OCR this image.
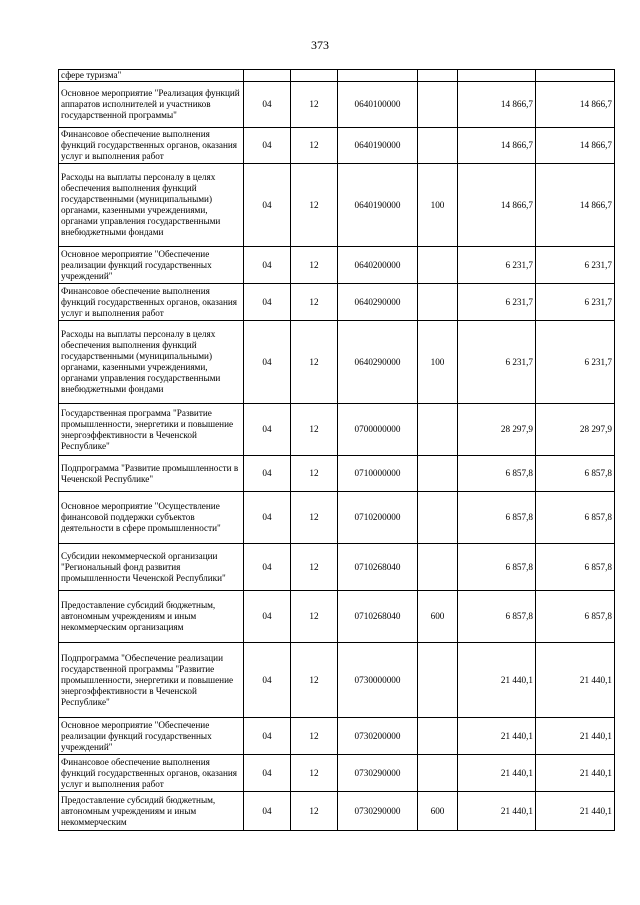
373
сфере туризма"						
Основное мероприятие "Реализация функций аппаратов исполнителей и участников государственной программы"	04	12	0640100000		14 866,7	14 866,7
Финансовое обеспечение выполнения функций государственных органов, оказания услуг и выполнения работ	04	12	0640190000		14 866,7	14 866,7
Расходы на выплаты персоналу в целях обеспечения выполнения функций государственными (муниципальными) органами, казенными учреждениями, органами управления государственными внебюджетными фондами	04	12	0640190000	100	14 866,7	14 866,7
Основное мероприятие "Обеспечение реализации функций государственных учреждений"	04	12	0640200000		6 231,7	6 231,7
Финансовое обеспечение выполнения функций государственных органов, оказания услуг и выполнения работ	04	12	0640290000		6 231,7	6 231,7
Расходы на выплаты персоналу в целях обеспечения выполнения функций государственными (муниципальными) органами, казенными учреждениями, органами управления государственными внебюджетными фондами	04	12	0640290000	100	6 231,7	6 231,7
Государственная программа "Развитие промышленности, энергетики и повышение энергоэффективности в Чеченской Республике"	04	12	0700000000		28 297,9	28 297,9
Подпрограмма "Развитие промышленности в Чеченской Республике"	04	12	0710000000		6 857,8	6 857,8
Основное мероприятие "Осуществление финансовой поддержки субъектов деятельности в сфере промышленности"	04	12	0710200000		6 857,8	6 857,8
Субсидии некоммерческой организации "Региональный фонд развития промышленности Чеченской Республики"	04	12	0710268040		6 857,8	6 857,8
Предоставление субсидий бюджетным, автономным учреждениям и иным некоммерческим организациям	04	12	0710268040	600	6 857,8	6 857,8
Подпрограмма "Обеспечение реализации государственной программы "Развитие промышленности, энергетики и повышение энергоэффективности в Чеченской Республике"	04	12	0730000000		21 440,1	21 440,1
Основное мероприятие "Обеспечение реализации функций государственных учреждений"	04	12	0730200000		21 440,1	21 440,1
Финансовое обеспечение выполнения функций государственных органов, оказания услуг и выполнения работ	04	12	0730290000		21 440,1	21 440,1
Предоставление субсидий бюджетным, автономным учреждениям и иным некоммерческим	04	12	0730290000	600	21 440,1	21 440,1
